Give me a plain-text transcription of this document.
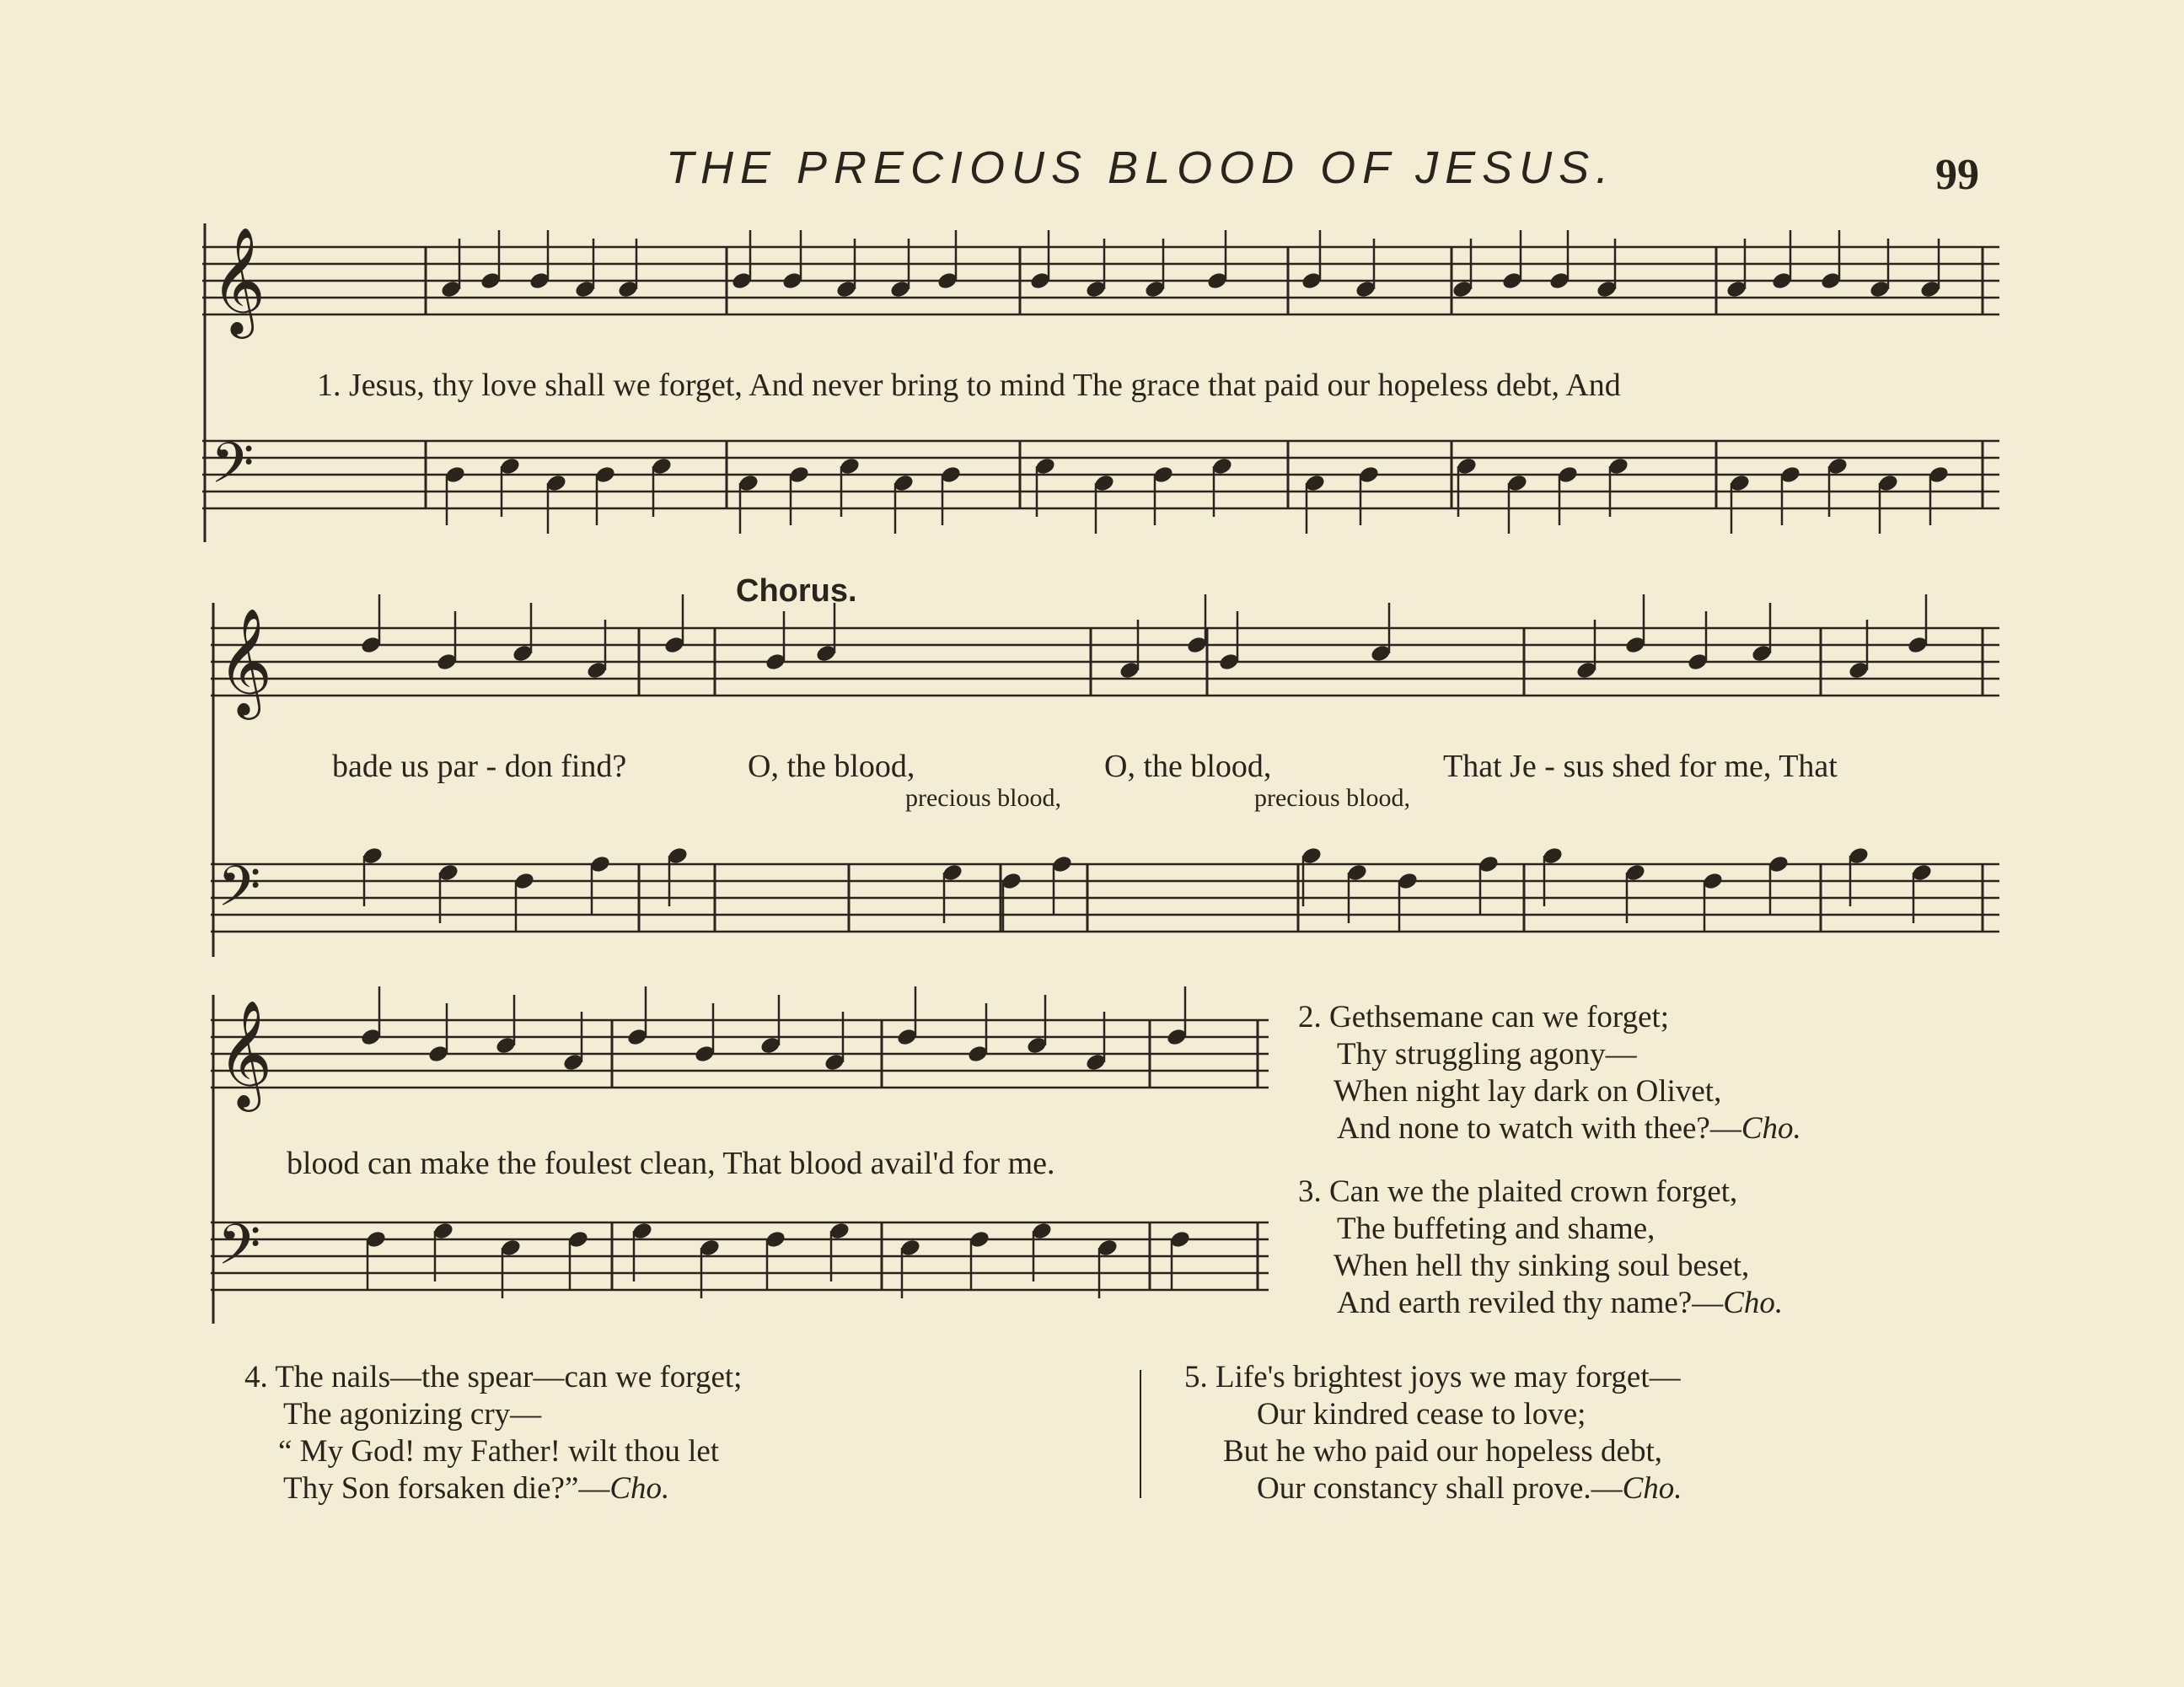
THE PRECIOUS BLOOD OF JESUS.	99
𝄞
𝄢
𝄞
𝄢
𝄞
𝄢
1. Jesus, thy love shall we forget, And never bring to mind The grace that paid our hopeless debt, And
Chorus.
bade us par - don find?	O, the blood,	O, the blood,	That Je - sus shed for me, That
precious blood,	precious blood,
blood can make the foulest clean, That blood avail'd for me.
2. Gethsemane can we forget;
Thy struggling agony—
When night lay dark on Olivet,
And none to watch with thee?—Cho.
3. Can we the plaited crown forget,
The buffeting and shame,
When hell thy sinking soul beset,
And earth reviled thy name?—Cho.
4. The nails—the spear—can we forget;
The agonizing cry—
“ My God! my Father! wilt thou let
Thy Son forsaken die?”—Cho.
5. Life's brightest joys we may forget—
Our kindred cease to love;
But he who paid our hopeless debt,
Our constancy shall prove.—Cho.
